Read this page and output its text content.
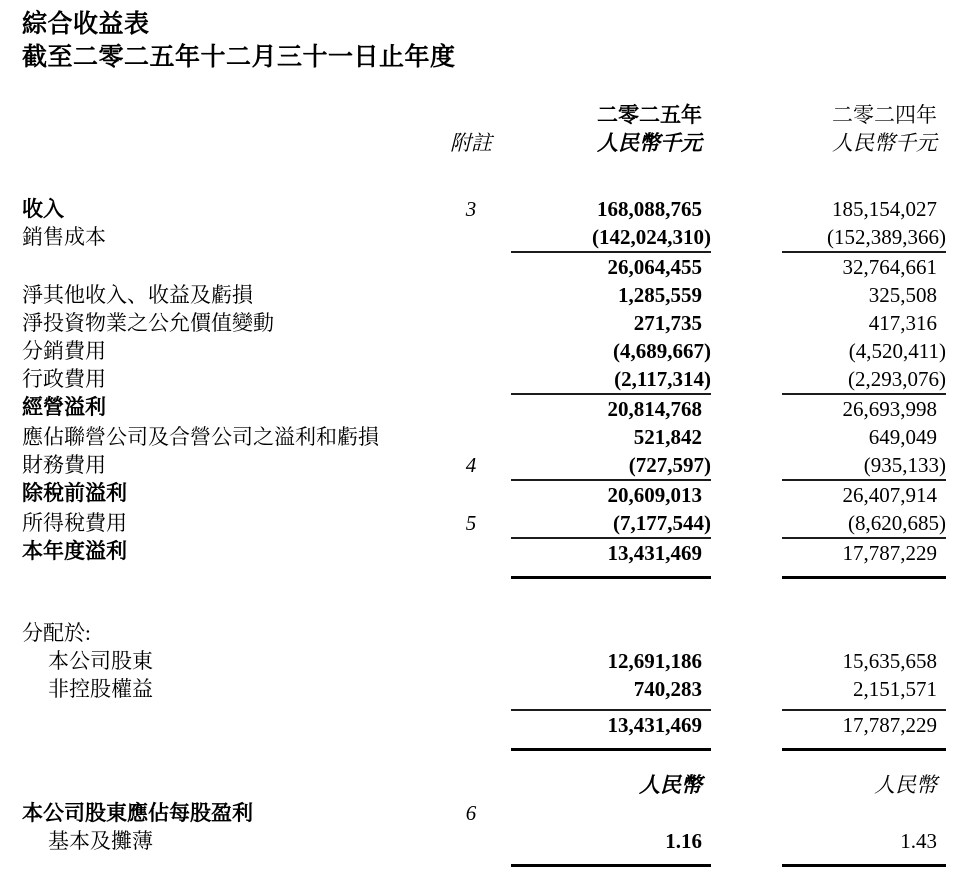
綜合收益表
截至二零二五年十二月三十一日止年度
二零二五年	二零二四年
附註	人民幣千元	人民幣千元
收入	3	168,088,765	185,154,027
銷售成本	(142,024,310)	(152,389,366)
26,064,455	32,764,661
淨其他收入、收益及虧損	1,285,559	325,508
淨投資物業之公允價值變動	271,735	417,316
分銷費用	(4,689,667)	(4,520,411)
行政費用	(2,117,314)	(2,293,076)
經營溢利	20,814,768	26,693,998
應佔聯營公司及合營公司之溢利和虧損	521,842	649,049
財務費用	4	(727,597)	(935,133)
除稅前溢利	20,609,013	26,407,914
所得稅費用	5	(7,177,544)	(8,620,685)
本年度溢利	13,431,469	17,787,229
分配於:
本公司股東	12,691,186	15,635,658
非控股權益	740,283	2,151,571
13,431,469	17,787,229
人民幣	人民幣
本公司股東應佔每股盈利	6
基本及攤薄	1.16	1.43
